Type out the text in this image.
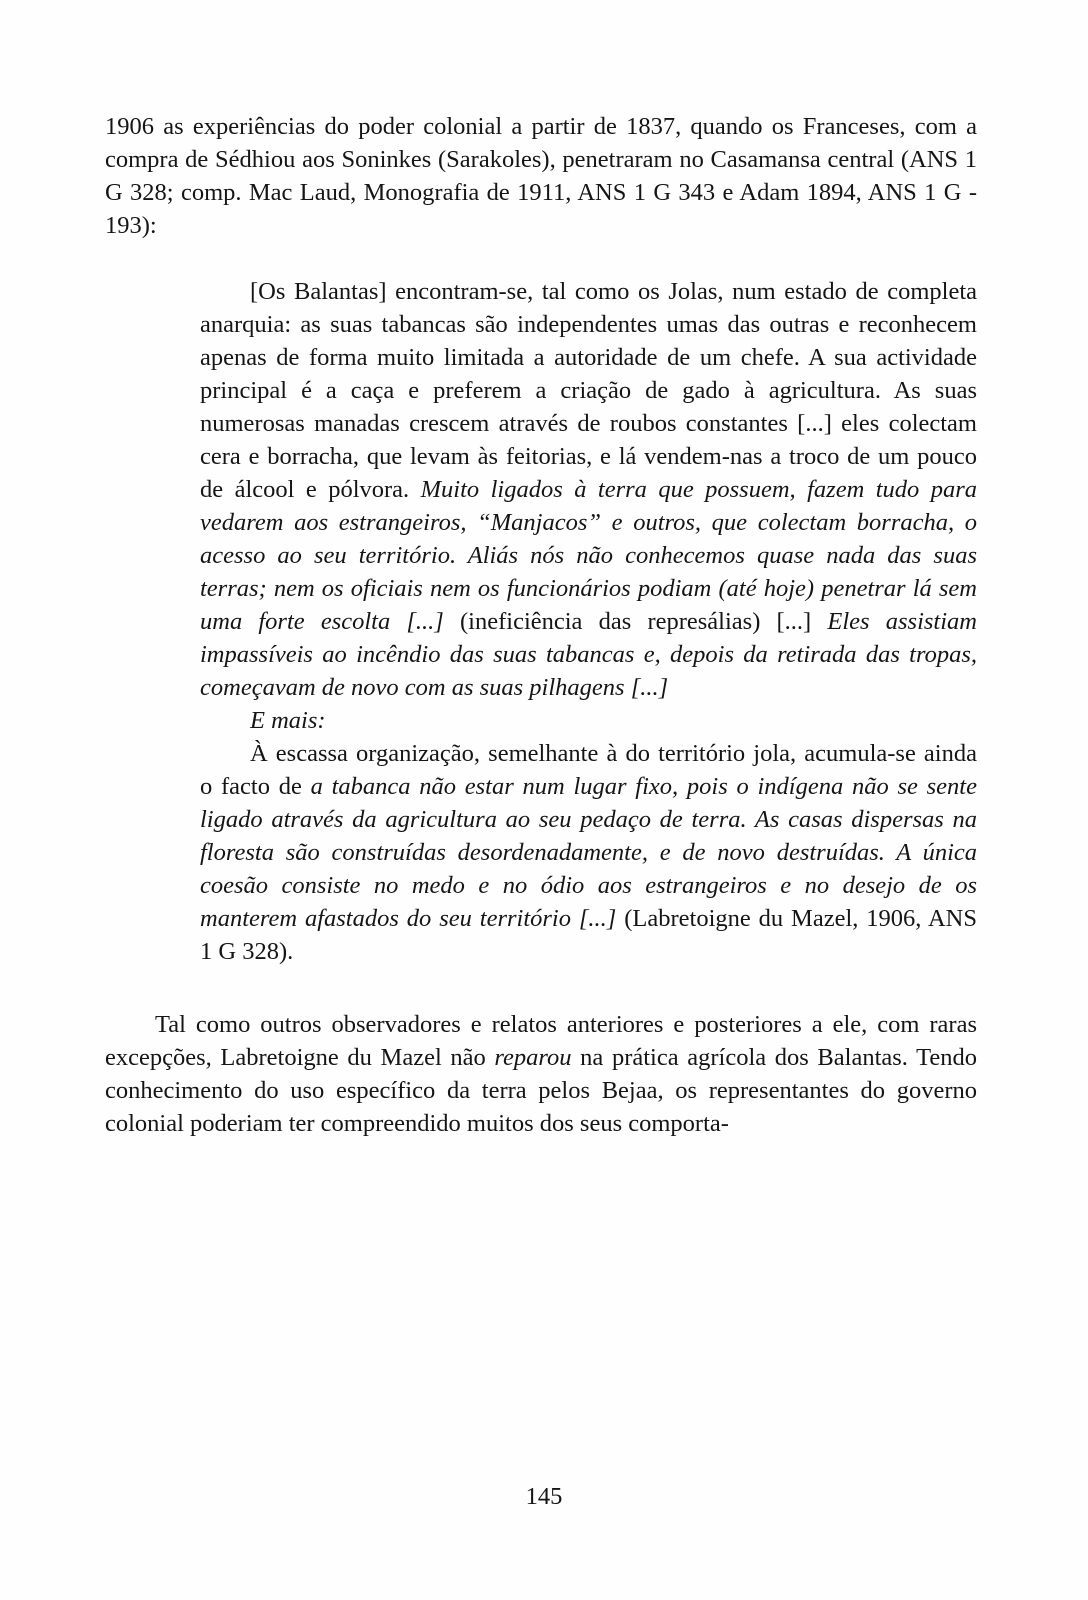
1906 as experiências do poder colonial a partir de 1837, quando os Franceses, com a compra de Sédhiou aos Soninkes (Sarakoles), penetraram no Casamansa central (ANS 1 G 328; comp. Mac Laud, Monografia de 1911, ANS 1 G 343 e Adam 1894, ANS 1 G - 193):

[Os Balantas] encontram-se, tal como os Jolas, num estado de completa anarquia: as suas tabancas são independentes umas das outras e reconhecem apenas de forma muito limitada a autoridade de um chefe. A sua actividade principal é a caça e preferem a criação de gado à agricultura. As suas numerosas manadas crescem através de roubos constantes [...] eles colectam cera e borracha, que levam às feitorias, e lá vendem-nas a troco de um pouco de álcool e pólvora. Muito ligados à terra que possuem, fazem tudo para vedarem aos estrangeiros, “Manjacos” e outros, que colectam borracha, o acesso ao seu território. Aliás nós não conhecemos quase nada das suas terras; nem os oficiais nem os funcionários podiam (até hoje) penetrar lá sem uma forte escolta [...] (ineficiência das represálias) [...] Eles assistiam impassíveis ao incêndio das suas tabancas e, depois da retirada das tropas, começavam de novo com as suas pilhagens [...]

E mais:

À escassa organização, semelhante à do território jola, acumula-se ainda o facto de a tabanca não estar num lugar fixo, pois o indígena não se sente ligado através da agricultura ao seu pedaço de terra. As casas dispersas na floresta são construídas desordenadamente, e de novo destruídas. A única coesão consiste no medo e no ódio aos estrangeiros e no desejo de os manterem afastados do seu território [...] (Labretoigne du Mazel, 1906, ANS 1 G 328).

Tal como outros observadores e relatos anteriores e posteriores a ele, com raras excepções, Labretoigne du Mazel não reparou na prática agrícola dos Balantas. Tendo conhecimento do uso específico da terra pelos Bejaa, os representantes do governo colonial poderiam ter compreendido muitos dos seus comporta-

145
